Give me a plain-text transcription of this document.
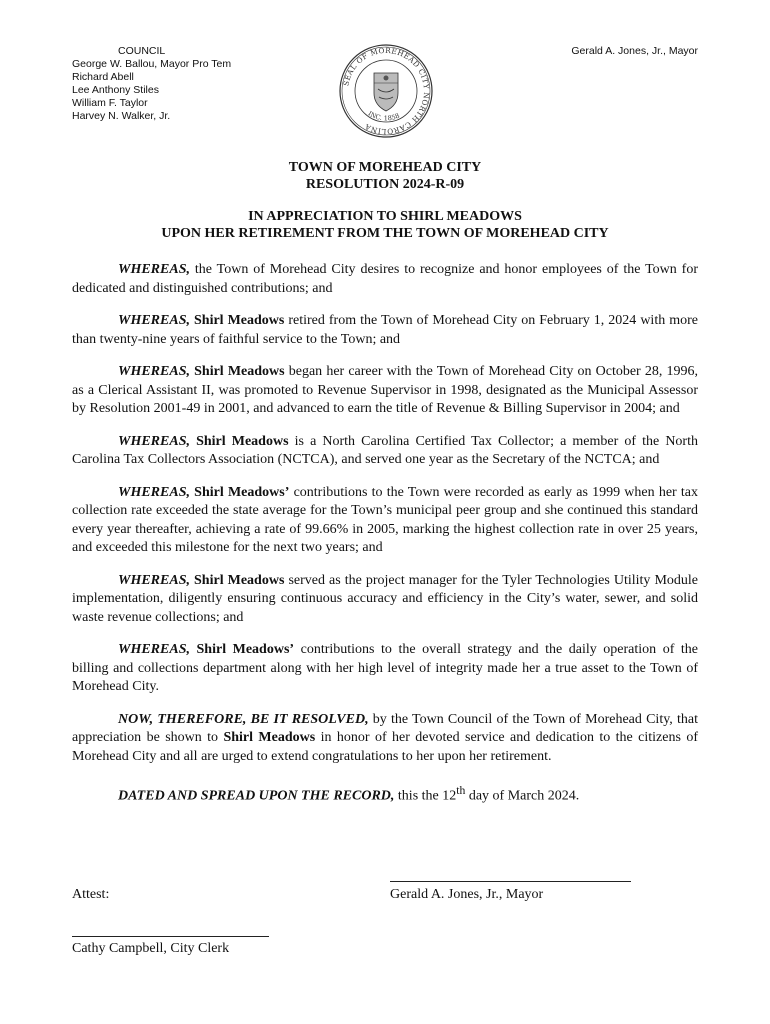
COUNCIL
George W. Ballou, Mayor Pro Tem
Richard Abell
Lee Anthony Stiles
William F. Taylor
Harvey N. Walker, Jr.
SEAL OF MOREHEAD CITY NORTH CAROLINA
INC. 1858
Gerald A. Jones, Jr., Mayor
TOWN OF MOREHEAD CITY
RESOLUTION 2024-R-09
IN APPRECIATION TO SHIRL MEADOWS
UPON HER RETIREMENT FROM THE TOWN OF MOREHEAD CITY

WHEREAS, the Town of Morehead City desires to recognize and honor employees of the Town for dedicated and distinguished contributions; and

WHEREAS, Shirl Meadows retired from the Town of Morehead City on February 1, 2024 with more than twenty-nine years of faithful service to the Town; and

WHEREAS, Shirl Meadows began her career with the Town of Morehead City on October 28, 1996, as a Clerical Assistant II, was promoted to Revenue Supervisor in 1998, designated as the Municipal Assessor by Resolution 2001-49 in 2001, and advanced to earn the title of Revenue & Billing Supervisor in 2004; and

WHEREAS, Shirl Meadows is a North Carolina Certified Tax Collector; a member of the North Carolina Tax Collectors Association (NCTCA), and served one year as the Secretary of the NCTCA; and

WHEREAS, Shirl Meadows’ contributions to the Town were recorded as early as 1999 when her tax collection rate exceeded the state average for the Town’s municipal peer group and she continued this standard every year thereafter, achieving a rate of 99.66% in 2005, marking the highest collection rate in over 25 years, and exceeded this milestone for the next two years; and

WHEREAS, Shirl Meadows served as the project manager for the Tyler Technologies Utility Module implementation, diligently ensuring continuous accuracy and efficiency in the City’s water, sewer, and solid waste revenue collections; and

WHEREAS, Shirl Meadows’ contributions to the overall strategy and the daily operation of the billing and collections department along with her high level of integrity made her a true asset to the Town of Morehead City.

NOW, THEREFORE, BE IT RESOLVED, by the Town Council of the Town of Morehead City, that appreciation be shown to Shirl Meadows in honor of her devoted service and dedication to the citizens of Morehead City and all are urged to extend congratulations to her upon her retirement.

DATED AND SPREAD UPON THE RECORD, this the 12th day of March 2024.

Attest:	Gerald A. Jones, Jr., Mayor
Cathy Campbell, City Clerk
